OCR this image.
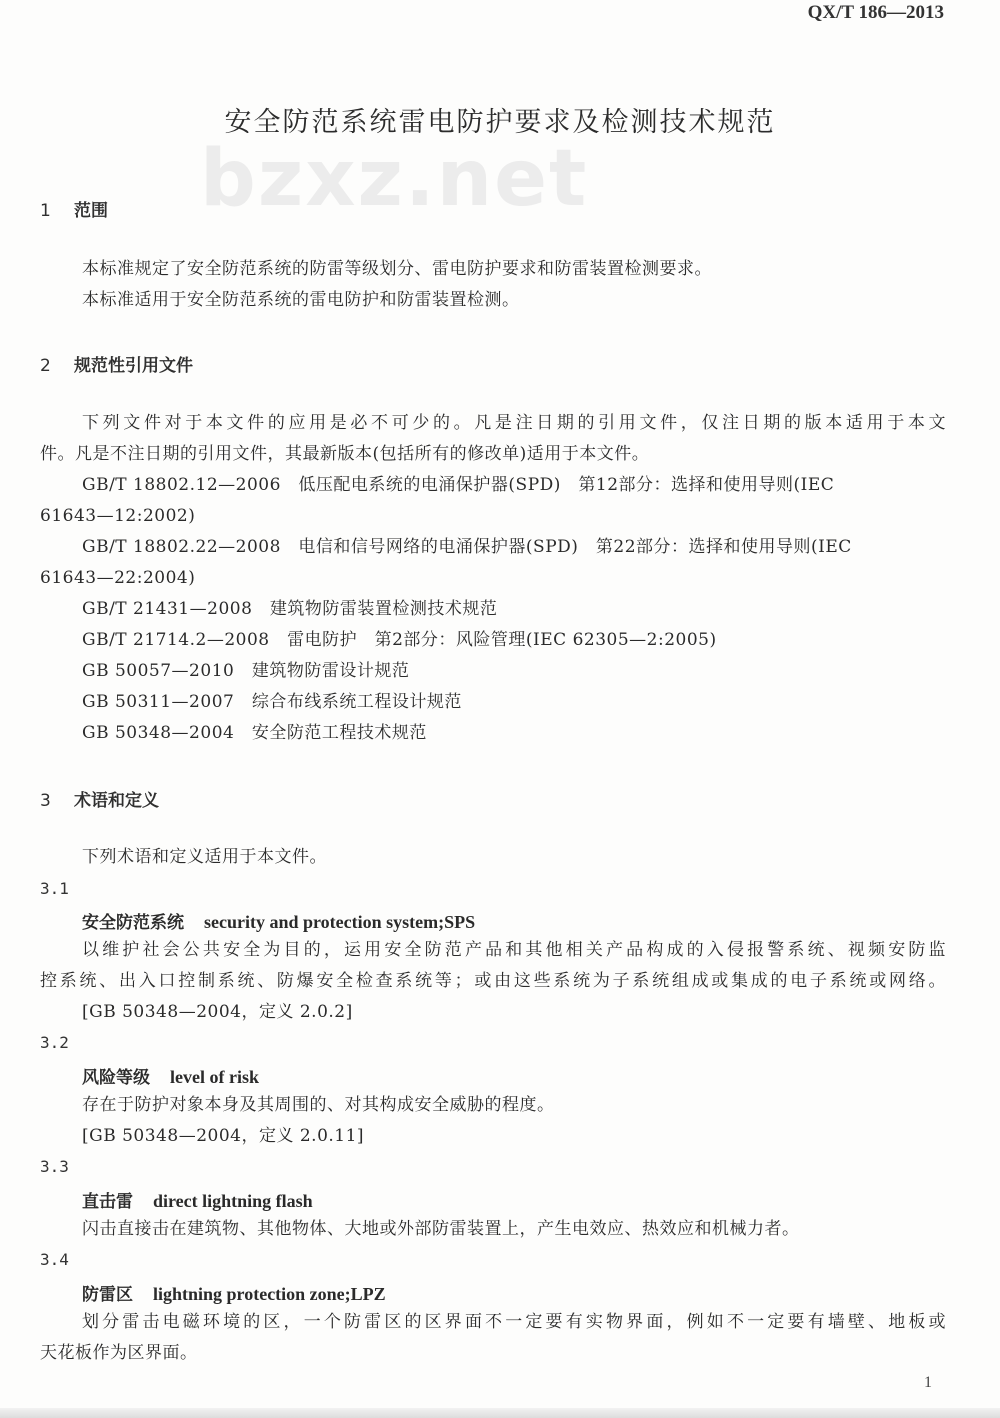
QX/T 186—2013
bzxz.net
安全防范系统雷电防护要求及检测技术规范
1 范围
本标准规定了安全防范系统的防雷等级划分、雷电防护要求和防雷装置检测要求。
本标准适用于安全防范系统的雷电防护和防雷装置检测。
2 规范性引用文件
下列文件对于本文件的应用是必不可少的。凡是注日期的引用文件，仅注日期的版本适用于本文
件。凡是不注日期的引用文件，其最新版本(包括所有的修改单)适用于本文件。
GB/T 18802.12—2006　 低压配电系统的电涌保护器(SPD)　第12部分：选择和使用导则(IEC
61643—12:2002)
GB/T 18802.22—2008　 电信和信号网络的电涌保护器(SPD)　第22部分：选择和使用导则(IEC
61643—22:2004)
GB/T 21431—2008　 建筑物防雷装置检测技术规范
GB/T 21714.2—2008　 雷电防护　第2部分：风险管理(IEC 62305—2:2005)
GB 50057—2010　 建筑物防雷设计规范
GB 50311—2007　 综合布线系统工程设计规范
GB 50348—2004　 安全防范工程技术规范
3 术语和定义
下列术语和定义适用于本文件。
3.1
安全防范系统 security and protection system;SPS
以维护社会公共安全为目的，运用安全防范产品和其他相关产品构成的入侵报警系统、视频安防监
控系统、出入口控制系统、防爆安全检查系统等；或由这些系统为子系统组成或集成的电子系统或网络。
[GB 50348—2004，定义 2.0.2]
3.2
风险等级 level of risk
存在于防护对象本身及其周围的、对其构成安全威胁的程度。
[GB 50348—2004，定义 2.0.11]
3.3
直击雷 direct lightning flash
闪击直接击在建筑物、其他物体、大地或外部防雷装置上，产生电效应、热效应和机械力者。
3.4
防雷区 lightning protection zone;LPZ
划分雷击电磁环境的区，一个防雷区的区界面不一定要有实物界面，例如不一定要有墙壁、地板或
天花板作为区界面。
1
